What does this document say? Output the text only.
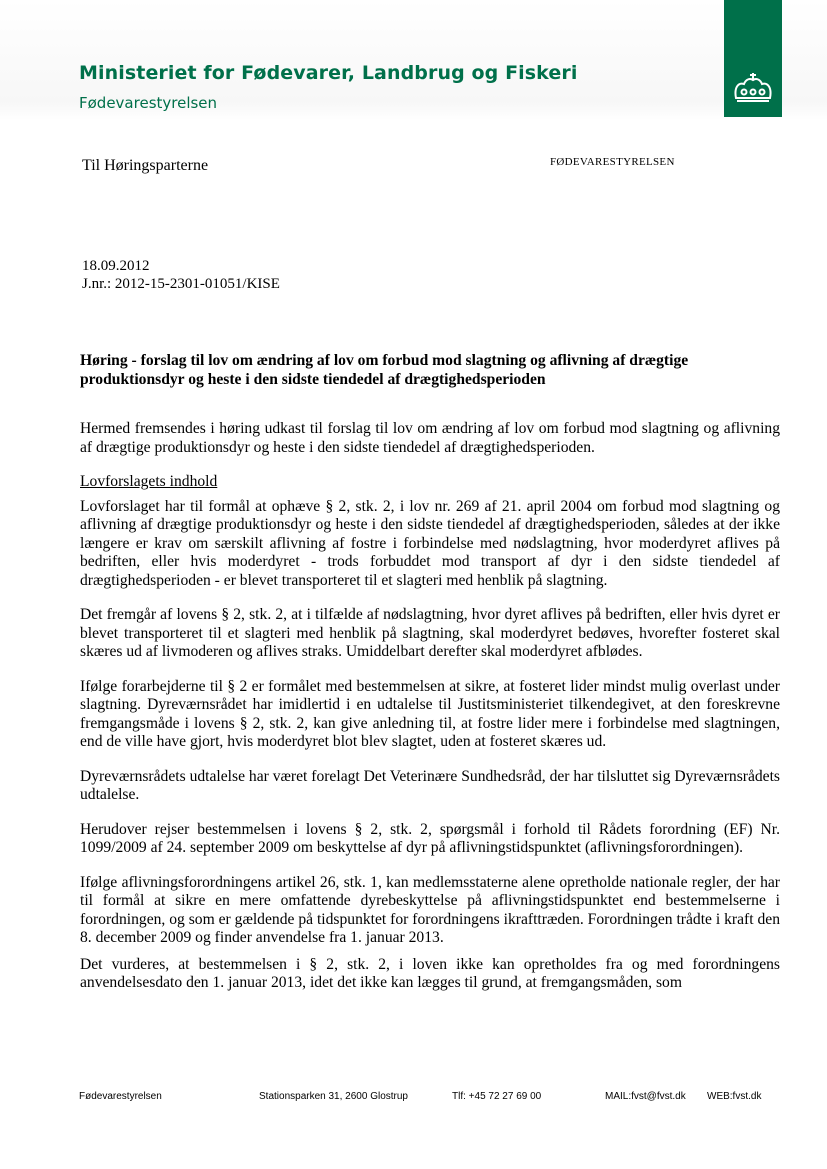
Ministeriet for Fødevarer, Landbrug og Fiskeri
Fødevarestyrelsen
Til Høringsparterne	FØDEVARESTYRELSEN
18.09.2012
J.nr.: 2012-15-2301-01051/KISE
Høring - forslag til lov om ændring af lov om forbud mod slagtning og aflivning af drægtige produktionsdyr og heste i den sidste tiendedel af drægtighedsperioden

Hermed fremsendes i høring udkast til forslag til lov om ændring af lov om forbud mod slagtning og aflivning af drægtige produktionsdyr og heste i den sidste tiendedel af drægtighedsperioden.

Lovforslagets indhold

Lovforslaget har til formål at ophæve § 2, stk. 2, i lov nr. 269 af 21. april 2004 om forbud mod slagtning og aflivning af drægtige produktionsdyr og heste i den sidste tiendedel af drægtighedsperioden, således at der ikke længere er krav om særskilt aflivning af fostre i forbindelse med nødslagtning, hvor moderdyret aflives på bedriften, eller hvis moderdyret - trods forbuddet mod transport af dyr i den sidste tiendedel af drægtighedsperioden - er blevet transporteret til et slagteri med henblik på slagtning.

Det fremgår af lovens § 2, stk. 2, at i tilfælde af nødslagtning, hvor dyret aflives på bedriften, eller hvis dyret er blevet transporteret til et slagteri med henblik på slagtning, skal moderdyret bedøves, hvorefter fosteret skal skæres ud af livmoderen og aflives straks. Umiddelbart derefter skal moderdyret afblødes.

Ifølge forarbejderne til § 2 er formålet med bestemmelsen at sikre, at fosteret lider mindst mulig overlast under slagtning. Dyreværnsrådet har imidlertid i en udtalelse til Justitsministeriet tilkendegivet, at den foreskrevne fremgangsmåde i lovens § 2, stk. 2, kan give anledning til, at fostre lider mere i forbindelse med slagtningen, end de ville have gjort, hvis moderdyret blot blev slagtet, uden at fosteret skæres ud.

Dyreværnsrådets udtalelse har været forelagt Det Veterinære Sundhedsråd, der har tilsluttet sig Dyreværnsrådets udtalelse.

Herudover rejser bestemmelsen i lovens § 2, stk. 2, spørgsmål i forhold til Rådets forordning (EF) Nr. 1099/2009 af 24. september 2009 om beskyttelse af dyr på aflivningstidspunktet (aflivningsforordningen).

Ifølge aflivningsforordningens artikel 26, stk. 1, kan medlemsstaterne alene opretholde nationale regler, der har til formål at sikre en mere omfattende dyrebeskyttelse på aflivningstidspunktet end bestemmelserne i forordningen, og som er gældende på tidspunktet for forordningens ikrafttræden. Forordningen trådte i kraft den 8. december 2009 og finder anvendelse fra 1. januar 2013.

Det vurderes, at bestemmelsen i § 2, stk. 2, i loven ikke kan opretholdes fra og med forordningens anvendelsesdato den 1. januar 2013, idet det ikke kan lægges til grund, at fremgangsmåden, som

Fødevarestyrelsen	Stationsparken 31, 2600 Glostrup	Tlf: +45 72 27 69 00	MAIL:fvst@fvst.dk WEB:fvst.dk
